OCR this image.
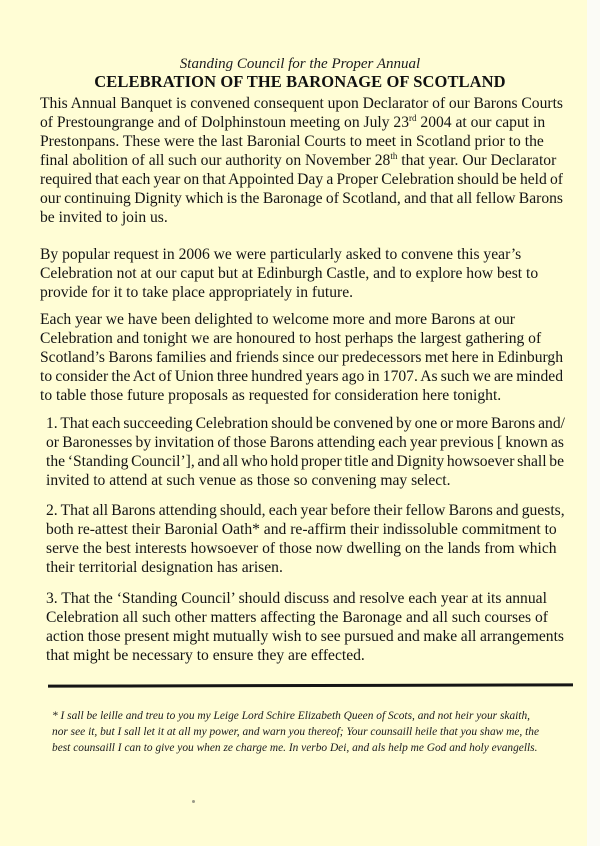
Standing Council for the Proper Annual
CELEBRATION OF THE BARONAGE OF SCOTLAND
This Annual Banquet is convened consequent upon Declarator of our Barons Courts
of Prestoungrange and of Dolphinstoun meeting on July 23rd 2004 at our caput in
Prestonpans. These were the last Baronial Courts to meet in Scotland prior to the
final abolition of all such our authority on November 28th that year. Our Declarator
required that each year on that Appointed Day a Proper Celebration should be held of
our continuing Dignity which is the Baronage of Scotland, and that all fellow Barons
be invited to join us.
By popular request in 2006 we were particularly asked to convene this year’s
Celebration not at our caput but at Edinburgh Castle, and to explore how best to
provide for it to take place appropriately in future.
Each year we have been delighted to welcome more and more Barons at our
Celebration and tonight we are honoured to host perhaps the largest gathering of
Scotland’s Barons families and friends since our predecessors met here in Edinburgh
to consider the Act of Union three hundred years ago in 1707. As such we are minded
to table those future proposals as requested for consideration here tonight.
1. That each succeeding Celebration should be convened by one or more Barons and/
or Baronesses by invitation of those Barons attending each year previous [ known as
the ‘Standing Council’], and all who hold proper title and Dignity howsoever shall be
invited to attend at such venue as those so convening may select.
2. That all Barons attending should, each year before their fellow Barons and guests,
both re-attest their Baronial Oath* and re-affirm their indissoluble commitment to
serve the best interests howsoever of those now dwelling on the lands from which
their territorial designation has arisen.
3. That the ‘Standing Council’ should discuss and resolve each year at its annual
Celebration all such other matters affecting the Baronage and all such courses of
action those present might mutually wish to see pursued and make all arrangements
that might be necessary to ensure they are effected.
* I sall be leille and treu to you my Leige Lord Schire Elizabeth Queen of Scots, and not heir your skaith,
nor see it, but I sall let it at all my power, and warn you thereof; Your counsaill heile that you shaw me, the
best counsaill I can to give you when ze charge me. In verbo Dei, and als help me God and holy evangells.
